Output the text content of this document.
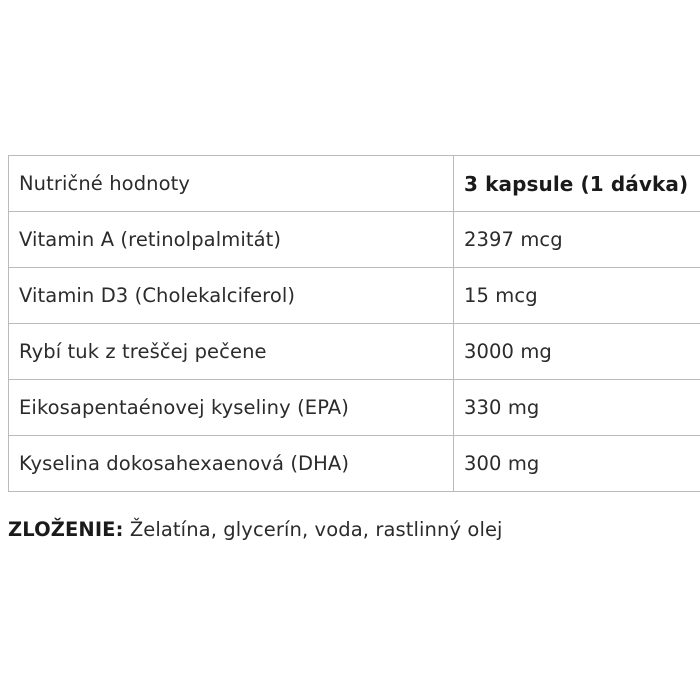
Nutričné hodnoty	3 kapsule (1 dávka)
Vitamin A (retinolpalmitát)	2397 mcg
Vitamin D3 (Cholekalciferol)	15 mcg
Rybí tuk z treščej pečene	3000 mg
Eikosapentaénovej kyseliny (EPA)	330 mg
Kyselina dokosahexaenová (DHA)	300 mg
ZLOŽENIE: Želatína, glycerín, voda, rastlinný olej
